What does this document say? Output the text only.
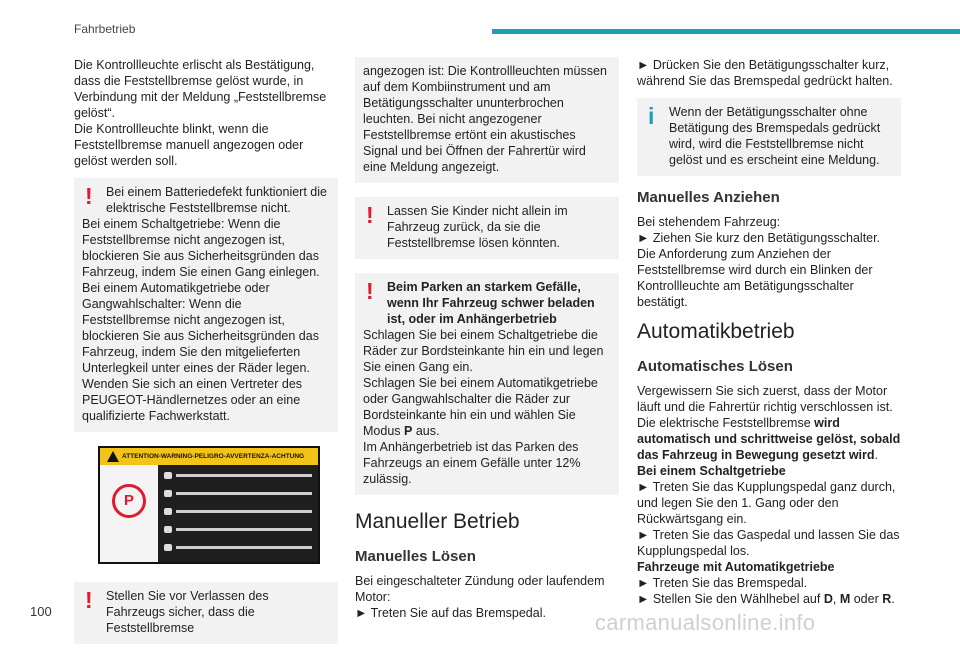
Fahrbetrieb

Die Kontrollleuchte erlischt als Bestätigung, dass die Feststellbremse gelöst wurde, in Verbindung mit der Meldung „Feststellbremse gelöst“.
Die Kontrollleuchte blinkt, wenn die Feststellbremse manuell angezogen oder gelöst werden soll.

! Bei einem Batteriedefekt funktioniert die elektrische Feststellbremse nicht.

Bei einem Schaltgetriebe: Wenn die Feststellbremse nicht angezogen ist, blockieren Sie aus Sicherheitsgründen das Fahrzeug, indem Sie einen Gang einlegen.
Bei einem Automatikgetriebe oder Gangwahlschalter: Wenn die Feststellbremse nicht angezogen ist, blockieren Sie aus Sicherheitsgründen das Fahrzeug, indem Sie den mitgelieferten Unterlegkeil unter eines der Räder legen.
Wenden Sie sich an einen Vertreter des PEUGEOT-Händlernetzes oder an eine qualifizierte Fachwerkstatt.

ATTENTION-WARNING-PELIGRO-AVVERTENZA-ACHTUNG
P
! Stellen Sie vor Verlassen des Fahrzeugs sicher, dass die Feststellbremse

angezogen ist: Die Kontrollleuchten müssen auf dem Kombiinstrument und am Betätigungsschalter ununterbrochen leuchten. Bei nicht angezogener Feststellbremse ertönt ein akustisches Signal und bei Öffnen der Fahrertür wird eine Meldung angezeigt.

! Lassen Sie Kinder nicht allein im Fahrzeug zurück, da sie die Feststellbremse lösen könnten.

! Beim Parken an starkem Gefälle, wenn Ihr Fahrzeug schwer beladen ist, oder im Anhängerbetrieb
Schlagen Sie bei einem Schaltgetriebe die Räder zur Bordsteinkante hin ein und legen Sie einen Gang ein.
Schlagen Sie bei einem Automatikgetriebe oder Gangwahlschalter die Räder zur Bordsteinkante hin ein und wählen Sie Modus P aus.
Im Anhängerbetrieb ist das Parken des Fahrzeugs an einem Gefälle unter 12% zulässig.

Manueller Betrieb
Manuelles Lösen

Bei eingeschalteter Zündung oder laufendem Motor:
► Treten Sie auf das Bremspedal.

► Drücken Sie den Betätigungsschalter kurz, während Sie das Bremspedal gedrückt halten.

i Wenn der Betätigungsschalter ohne Betätigung des Bremspedals gedrückt wird, wird die Feststellbremse nicht gelöst und es erscheint eine Meldung.

Manuelles Anziehen

Bei stehendem Fahrzeug:
► Ziehen Sie kurz den Betätigungsschalter.
Die Anforderung zum Anziehen der Feststellbremse wird durch ein Blinken der Kontrollleuchte am Betätigungsschalter bestätigt.

Automatikbetrieb
Automatisches Lösen

Vergewissern Sie sich zuerst, dass der Motor läuft und die Fahrertür richtig verschlossen ist.
Die elektrische Feststellbremse wird automatisch und schrittweise gelöst, sobald das Fahrzeug in Bewegung gesetzt wird.
Bei einem Schaltgetriebe
► Treten Sie das Kupplungspedal ganz durch, und legen Sie den 1. Gang oder den Rückwärtsgang ein.
► Treten Sie das Gaspedal und lassen Sie das Kupplungspedal los.
Fahrzeuge mit Automatikgetriebe
► Treten Sie das Bremspedal.
► Stellen Sie den Wählhebel auf D, M oder R.

100	carmanualsonline.info
